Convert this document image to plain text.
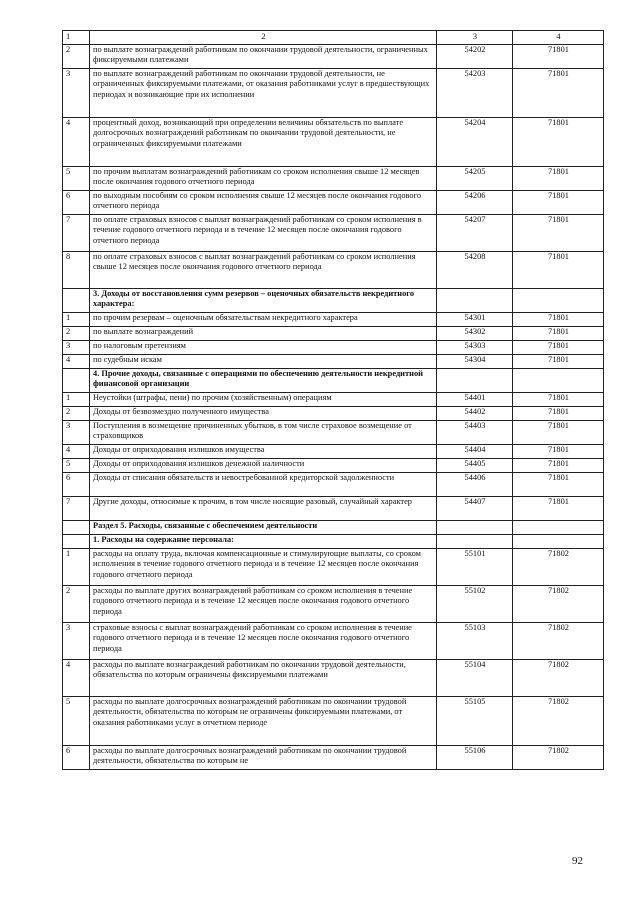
1	2	3	4
2	по выплате вознаграждений работникам по окончании трудовой деятельности, ограниченных фиксируемыми платежами	54202	71801
3	по выплате вознаграждений работникам по окончании трудовой деятельности, не ограниченных фиксируемыми платежами, от оказания работниками услуг в предшествующих периодах и возникающие при их исполнении	54203	71801
4	процентный доход, возникающий при определении величины обязательств по выплате долгосрочных вознаграждений работникам по окончании трудовой деятельности, не ограниченных фиксируемыми платежами	54204	71801
5	по прочим выплатам вознаграждений работникам со сроком исполнения свыше 12 месяцев после окончания годового отчетного периода	54205	71801
6	по выходным пособиям со сроком исполнения свыше 12 месяцев после окончания годового отчетного периода	54206	71801
7	по оплате страховых взносов с выплат вознаграждений работникам со сроком исполнения в течение годового отчетного периода и в течение 12 месяцев после окончания годового отчетного периода	54207	71801
8	по оплате страховых взносов с выплат вознаграждений работникам со сроком исполнения свыше 12 месяцев после окончания годового отчетного периода	54208	71801
	3. Доходы от восстановления сумм резервов – оценочных обязательств некредитного характера:		
1	по прочим резервам – оценочным обязательствам некредитного характера	54301	71801
2	по выплате вознаграждений	54302	71801
3	по налоговым претензиям	54303	71801
4	по судебным искам	54304	71801
	4. Прочие доходы, связанные с операциями по обеспечению деятельности некредитной финансовой организации		
1	Неустойки (штрафы, пени) по прочим (хозяйственным) операциям	54401	71801
2	Доходы от безвозмездно полученного имущества	54402	71801
3	Поступления в возмещение причиненных убытков, в том числе страховое возмещение от страховщиков	54403	71801
4	Доходы от оприходования излишков имущества	54404	71801
5	Доходы от оприходования излишков денежной наличности	54405	71801
6	Доходы от списания обязательств и невостребованной кредиторской задолженности	54406	71801
7	Другие доходы, относимые к прочим, в том числе носящие разовый, случайный характер	54407	71801
	Раздел 5. Расходы, связанные с обеспечением деятельности		
	1. Расходы на содержание персонала:		
1	расходы на оплату труда, включая компенсационные и стимулирующие выплаты, со сроком исполнения в течение годового отчетного периода и в течение 12 месяцев после окончания годового отчетного периода	55101	71802
2	расходы по выплате других вознаграждений работникам со сроком исполнения в течение годового отчетного периода и в течение 12 месяцев после окончания годового отчетного периода	55102	71802
3	страховые взносы с выплат вознаграждений работникам со сроком исполнения в течение годового отчетного периода и в течение 12 месяцев после окончания годового отчетного периода	55103	71802
4	расходы по выплате вознаграждений работникам по окончании трудовой деятельности, обязательства по которым ограничены фиксируемыми платежами	55104	71802
5	расходы по выплате долгосрочных вознаграждений работникам по окончании трудовой деятельности, обязательства по которым не ограничены фиксируемыми платежами, от оказания работниками услуг в отчетном периоде	55105	71802
6	расходы по выплате долгосрочных вознаграждений работникам по окончании трудовой деятельности, обязательства по которым не	55106	71802
92
